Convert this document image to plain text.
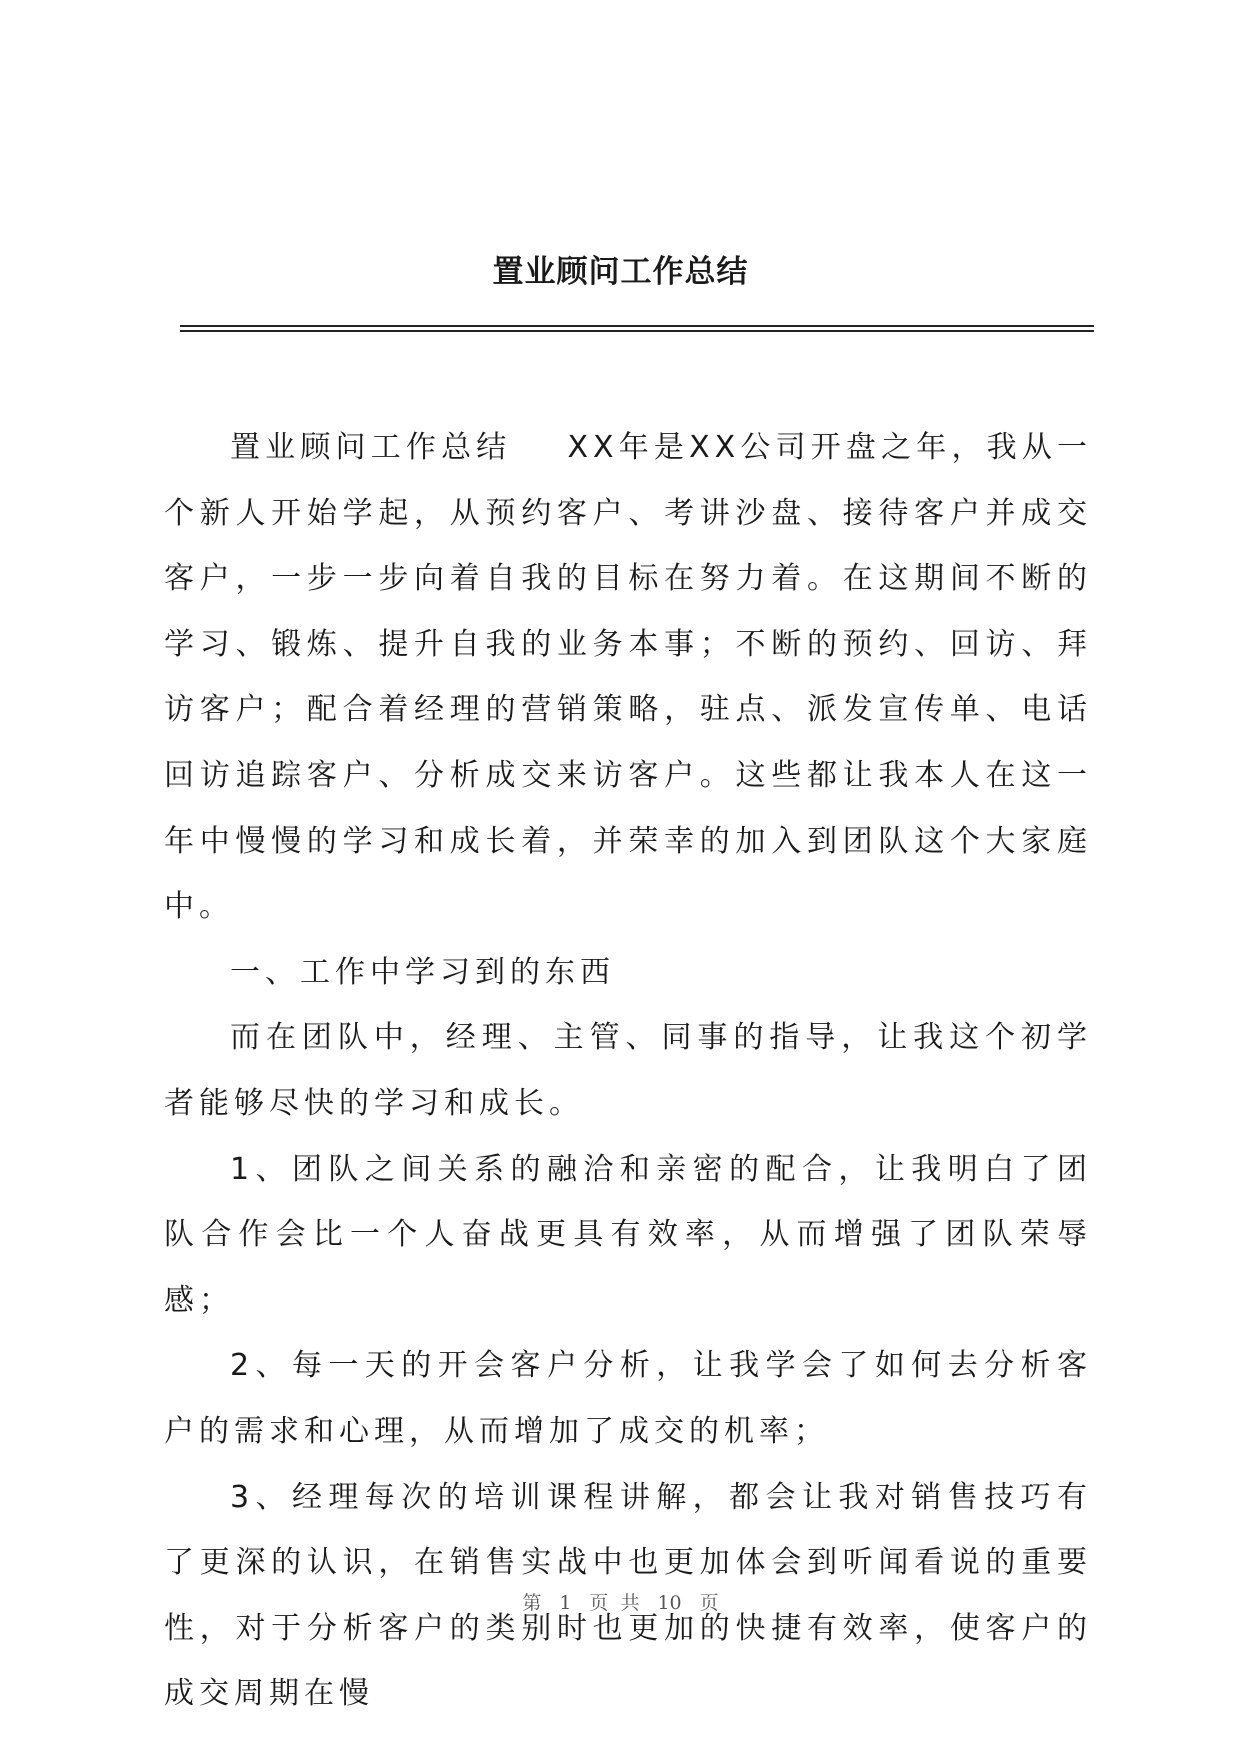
置业顾问工作总结

置业顾问工作总结 XX年是XX公司开盘之年，我从一个新人开始学起，从预约客户、考讲沙盘、接待客户并成交客户，一步一步向着自我的目标在努力着。在这期间不断的学习、锻炼、提升自我的业务本事；不断的预约、回访、拜访客户；配合着经理的营销策略，驻点、派发宣传单、电话回访追踪客户、分析成交来访客户。这些都让我本人在这一年中慢慢的学习和成长着，并荣幸的加入到团队这个大家庭中。

一、工作中学习到的东西

而在团队中，经理、主管、同事的指导，让我这个初学者能够尽快的学习和成长。

1、团队之间关系的融洽和亲密的配合，让我明白了团队合作会比一个人奋战更具有效率，从而增强了团队荣辱感；

2、每一天的开会客户分析，让我学会了如何去分析客户的需求和心理，从而增加了成交的机率；

3、经理每次的培训课程讲解，都会让我对销售技巧有了更深的认识，在销售实战中也更加体会到听闻看说的重要性，对于分析客户的类别时也更加的快捷有效率，使客户的成交周期在慢

第 1 页 共 10 页
